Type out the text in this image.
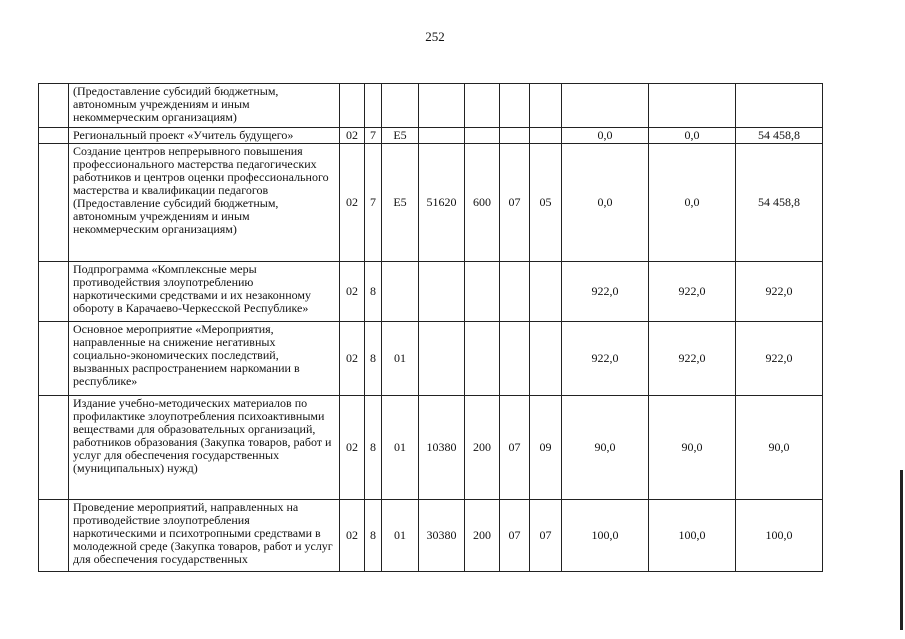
252
	(Предоставление субсидий бюджетным, автономным учреждениям и иным некоммерческим организациям)										
	Региональный проект «Учитель будущего»	02	7	E5					0,0	0,0	54 458,8
	Создание центров непрерывного повышения профессионального мастерства педагогических работников и центров оценки профессионального мастерства и квалификации педагогов (Предоставление субсидий бюджетным, автономным учреждениям и иным некоммерческим организациям)	02	7	E5	51620	600	07	05	0,0	0,0	54 458,8
	Подпрограмма «Комплексные меры противодействия злоупотреблению наркотическими средствами и их незаконному обороту в Карачаево-Черкесской Республике»	02	8						922,0	922,0	922,0
	Основное мероприятие «Мероприятия, направленные на снижение негативных социально-экономических последствий, вызванных распространением наркомании в республике»	02	8	01					922,0	922,0	922,0
	Издание учебно-методических материалов по профилактике злоупотребления психоактивными веществами для образовательных организаций, работников образования (Закупка товаров, работ и услуг для обеспечения государственных (муниципальных) нужд)	02	8	01	10380	200	07	09	90,0	90,0	90,0
	Проведение мероприятий, направленных на противодействие злоупотребления наркотическими и психотропными средствами в молодежной среде (Закупка товаров, работ и услуг для обеспечения государственных	02	8	01	30380	200	07	07	100,0	100,0	100,0
